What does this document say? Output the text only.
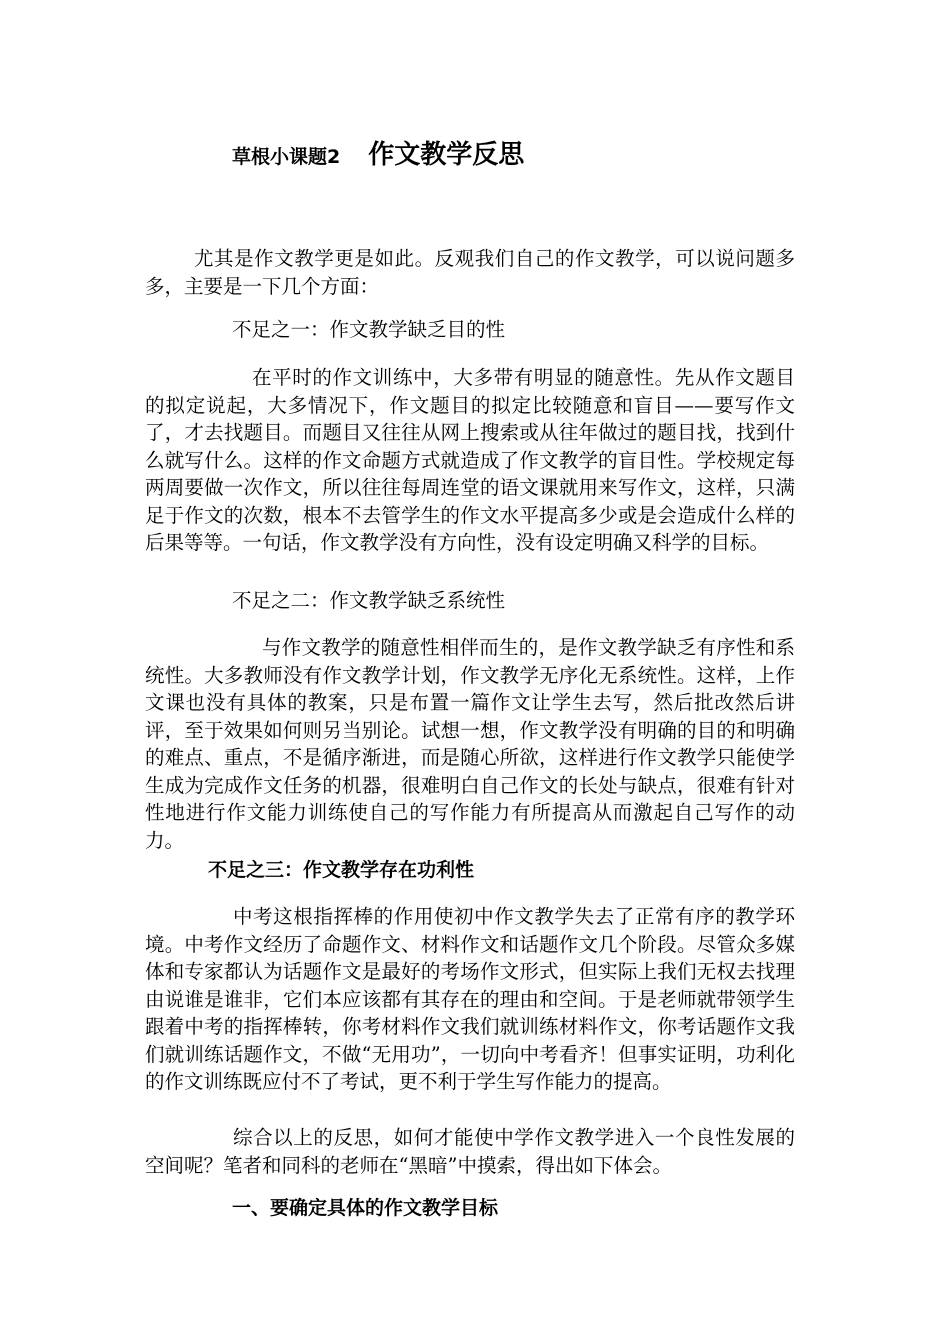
草根小课题2 作文教学反思

尤其是作文教学更是如此。反观我们自己的作文教学，可以说问题多多，主要是一下几个方面：

不足之一：作文教学缺乏目的性

在平时的作文训练中，大多带有明显的随意性。先从作文题目的拟定说起，大多情况下，作文题目的拟定比较随意和盲目——要写作文了，才去找题目。而题目又往往从网上搜索或从往年做过的题目找，找到什么就写什么。这样的作文命题方式就造成了作文教学的盲目性。学校规定每两周要做一次作文，所以往往每周连堂的语文课就用来写作文，这样，只满足于作文的次数，根本不去管学生的作文水平提高多少或是会造成什么样的后果等等。一句话，作文教学没有方向性，没有设定明确又科学的目标。

不足之二：作文教学缺乏系统性

与作文教学的随意性相伴而生的，是作文教学缺乏有序性和系统性。大多教师没有作文教学计划，作文教学无序化无系统性。这样，上作文课也没有具体的教案，只是布置一篇作文让学生去写，然后批改然后讲评，至于效果如何则另当别论。试想一想，作文教学没有明确的目的和明确的难点、重点，不是循序渐进，而是随心所欲，这样进行作文教学只能使学生成为完成作文任务的机器，很难明白自己作文的长处与缺点，很难有针对性地进行作文能力训练使自己的写作能力有所提高从而激起自己写作的动力。

不足之三：作文教学存在功利性

中考这根指挥棒的作用使初中作文教学失去了正常有序的教学环境。中考作文经历了命题作文、材料作文和话题作文几个阶段。尽管众多媒体和专家都认为话题作文是最好的考场作文形式，但实际上我们无权去找理由说谁是谁非，它们本应该都有其存在的理由和空间。于是老师就带领学生跟着中考的指挥棒转，你考材料作文我们就训练材料作文，你考话题作文我们就训练话题作文，不做“无用功”，一切向中考看齐！但事实证明，功利化的作文训练既应付不了考试，更不利于学生写作能力的提高。

综合以上的反思，如何才能使中学作文教学进入一个良性发展的空间呢？笔者和同科的老师在“黑暗”中摸索，得出如下体会。

一、要确定具体的作文教学目标
